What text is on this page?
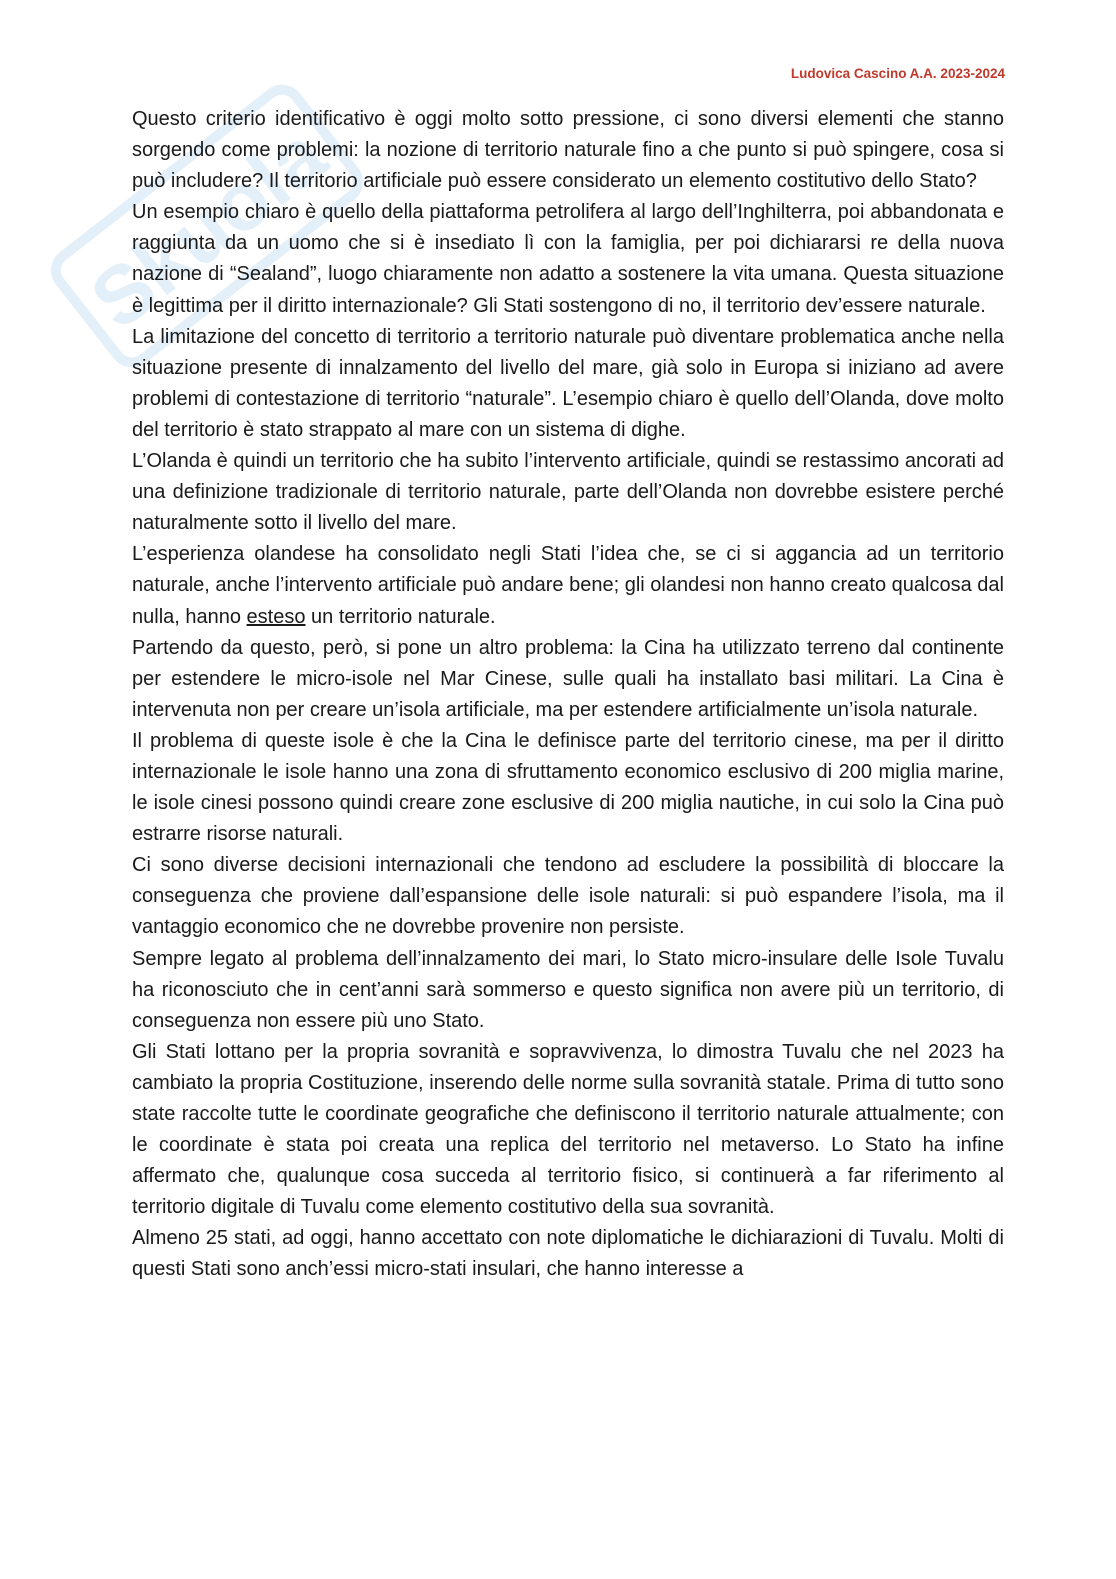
Skuola
Ludovica Cascino A.A. 2023-2024

Questo criterio identificativo è oggi molto sotto pressione, ci sono diversi elementi che stanno sorgendo come problemi: la nozione di territorio naturale fino a che punto si può spingere, cosa si può includere? Il territorio artificiale può essere considerato un elemento costitutivo dello Stato?

Un esempio chiaro è quello della piattaforma petrolifera al largo dell’Inghilterra, poi abbandonata e raggiunta da un uomo che si è insediato lì con la famiglia, per poi dichiararsi re della nuova nazione di “Sealand”, luogo chiaramente non adatto a sostenere la vita umana. Questa situazione è legittima per il diritto internazionale? Gli Stati sostengono di no, il territorio dev’essere naturale.

La limitazione del concetto di territorio a territorio naturale può diventare problematica anche nella situazione presente di innalzamento del livello del mare, già solo in Europa si iniziano ad avere problemi di contestazione di territorio “naturale”. L’esempio chiaro è quello dell’Olanda, dove molto del territorio è stato strappato al mare con un sistema di dighe.

L’Olanda è quindi un territorio che ha subito l’intervento artificiale, quindi se restassimo ancorati ad una definizione tradizionale di territorio naturale, parte dell’Olanda non dovrebbe esistere perché naturalmente sotto il livello del mare.

L’esperienza olandese ha consolidato negli Stati l’idea che, se ci si aggancia ad un territorio naturale, anche l’intervento artificiale può andare bene; gli olandesi non hanno creato qualcosa dal nulla, hanno esteso un territorio naturale.

Partendo da questo, però, si pone un altro problema: la Cina ha utilizzato terreno dal continente per estendere le micro-isole nel Mar Cinese, sulle quali ha installato basi militari. La Cina è intervenuta non per creare un’isola artificiale, ma per estendere artificialmente un’isola naturale.

Il problema di queste isole è che la Cina le definisce parte del territorio cinese, ma per il diritto internazionale le isole hanno una zona di sfruttamento economico esclusivo di 200 miglia marine, le isole cinesi possono quindi creare zone esclusive di 200 miglia nautiche, in cui solo la Cina può estrarre risorse naturali.

Ci sono diverse decisioni internazionali che tendono ad escludere la possibilità di bloccare la conseguenza che proviene dall’espansione delle isole naturali: si può espandere l’isola, ma il vantaggio economico che ne dovrebbe provenire non persiste.

Sempre legato al problema dell’innalzamento dei mari, lo Stato micro-insulare delle Isole Tuvalu ha riconosciuto che in cent’anni sarà sommerso e questo significa non avere più un territorio, di conseguenza non essere più uno Stato.

Gli Stati lottano per la propria sovranità e sopravvivenza, lo dimostra Tuvalu che nel 2023 ha cambiato la propria Costituzione, inserendo delle norme sulla sovranità statale. Prima di tutto sono state raccolte tutte le coordinate geografiche che definiscono il territorio naturale attualmente; con le coordinate è stata poi creata una replica del territorio nel metaverso. Lo Stato ha infine affermato che, qualunque cosa succeda al territorio fisico, si continuerà a far riferimento al territorio digitale di Tuvalu come elemento costitutivo della sua sovranità.

Almeno 25 stati, ad oggi, hanno accettato con note diplomatiche le dichiarazioni di Tuvalu. Molti di questi Stati sono anch’essi micro-stati insulari, che hanno interesse a
